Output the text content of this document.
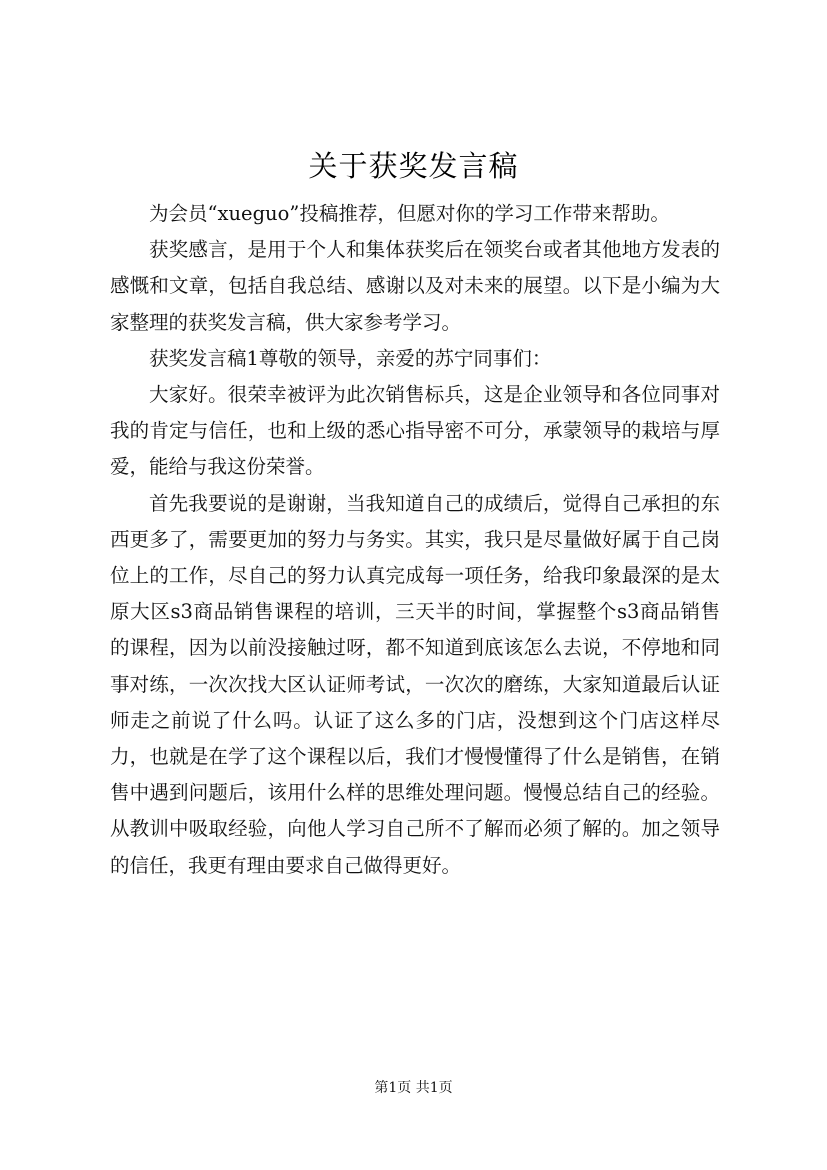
关于获奖发言稿

为会员“xueguo”投稿推荐，但愿对你的学习工作带来帮助。

获奖感言，是用于个人和集体获奖后在领奖台或者其他地方发表的感慨和文章，包括自我总结、感谢以及对未来的展望。以下是小编为大家整理的获奖发言稿，供大家参考学习。

获奖发言稿1尊敬的领导，亲爱的苏宁同事们：

大家好。很荣幸被评为此次销售标兵，这是企业领导和各位同事对我的肯定与信任，也和上级的悉心指导密不可分，承蒙领导的栽培与厚爱，能给与我这份荣誉。

首先我要说的是谢谢，当我知道自己的成绩后，觉得自己承担的东西更多了，需要更加的努力与务实。其实，我只是尽量做好属于自己岗位上的工作，尽自己的努力认真完成每一项任务，给我印象最深的是太原大区s3商品销售课程的培训，三天半的时间，掌握整个s3商品销售的课程，因为以前没接触过呀，都不知道到底该怎么去说，不停地和同事对练，一次次找大区认证师考试，一次次的磨练，大家知道最后认证师走之前说了什么吗。认证了这么多的门店，没想到这个门店这样尽力，也就是在学了这个课程以后，我们才慢慢懂得了什么是销售，在销售中遇到问题后，该用什么样的思维处理问题。慢慢总结自己的经验。从教训中吸取经验，向他人学习自己所不了解而必须了解的。加之领导的信任，我更有理由要求自己做得更好。

第1页 共1页
